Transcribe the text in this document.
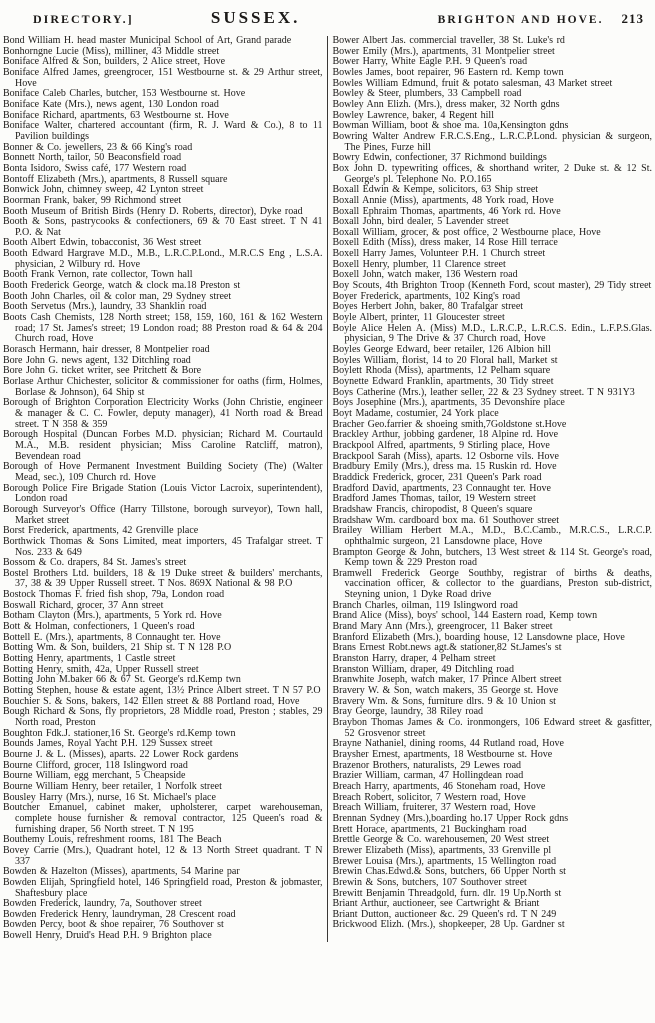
DIRECTORY.]	SUSSEX.	BRIGHTON AND HOVE. 213
Bond William H. head master Municipal School of Art, Grand parade
Bonhorngne Lucie (Miss), milliner, 43 Middle street
Boniface Alfred & Son, builders, 2 Alice street, Hove
Boniface Alfred James, greengrocer, 151 Westbourne st. & 29 Arthur street, Hove
Boniface Caleb Charles, butcher, 153 Westbourne st. Hove
Boniface Kate (Mrs.), news agent, 130 London road
Boniface Richard, apartments, 63 Westbourne st. Hove
Boniface Walter, chartered accountant (firm, R. J. Ward & Co.), 8 to 11 Pavilion buildings
Bonner & Co. jewellers, 23 & 66 King's road
Bonnett North, tailor, 50 Beaconsfield road
Bonta Isidoro, Swiss café, 177 Western road
Bontoff Elizabeth (Mrs.), apartments, 8 Russell square
Bonwick John, chimney sweep, 42 Lynton street
Boorman Frank, baker, 99 Richmond street
Booth Museum of British Birds (Henry D. Roberts, director), Dyke road
Booth & Sons, pastrycooks & confectioners, 69 & 70 East street. T N 41 P.O. & Nat
Booth Albert Edwin, tobacconist, 36 West street
Booth Edward Hargrave M.D., M.B., L.R.C.P.Lond., M.R.C.S Eng , L.S.A. physician, 2 Wilbury rd. Hove
Booth Frank Vernon, rate collector, Town hall
Booth Frederick George, watch & clock ma.18 Preston st
Booth John Charles, oil & color man, 29 Sydney street
Booth Servetus (Mrs.), laundry, 33 Shanklin road
Boots Cash Chemists, 128 North street; 158, 159, 160, 161 & 162 Western road; 17 St. James's street; 19 London road; 88 Preston road & 64 & 204 Church road, Hove
Borasch Hermann, hair dresser, 8 Montpelier road
Bore John G. news agent, 132 Ditchling road
Bore John G. ticket writer, see Pritchett & Bore
Borlase Arthur Chichester, solicitor & commissioner for oaths (firm, Holmes, Borlase & Johnson), 64 Ship st
Borough of Brighton Corporation Electricity Works (John Christie, engineer & manager & C. C. Fowler, deputy manager), 41 North road & Bread street. T N 358 & 359
Borough Hospital (Duncan Forbes M.D. physician; Richard M. Courtauld M.A., M.B. resident physician; Miss Caroline Ratcliff, matron), Bevendean road
Borough of Hove Permanent Investment Building Society (The) (Walter Mead, sec.), 109 Church rd. Hove
Borough Police Fire Brigade Station (Louis Victor Lacroix, superintendent), London road
Borough Surveyor's Office (Harry Tillstone, borough surveyor), Town hall, Market street
Borst Frederick, apartments, 42 Grenville place
Borthwick Thomas & Sons Limited, meat importers, 45 Trafalgar street. T Nos. 233 & 649
Bossom & Co. drapers, 84 St. James's street
Bostel Brothers Ltd. builders, 18 & 19 Duke street & builders' merchants, 37, 38 & 39 Upper Russell street. T Nos. 869X National & 98 P.O
Bostock Thomas F. fried fish shop, 79a, London road
Boswall Richard, grocer, 37 Ann street
Botham Clayton (Mrs.), apartments, 5 York rd. Hove
Bott & Holman, confectioners, 1 Queen's road
Bottell E. (Mrs.), apartments, 8 Connaught ter. Hove
Botting Wm. & Son, builders, 21 Ship st. T N 128 P.O
Botting Henry, apartments, 1 Castle street
Botting Henry, smith, 42a, Upper Russell street
Botting John M.baker 66 & 67 St. George's rd.Kemp twn
Botting Stephen, house & estate agent, 13½ Prince Albert street. T N 57 P.O
Bouchier S. & Sons, bakers, 142 Ellen street & 88 Portland road, Hove
Bough Richard & Sons, fly proprietors, 28 Middle road, Preston ; stables, 29 North road, Preston
Boughton Fdk.J. stationer,16 St. George's rd.Kemp town
Bounds James, Royal Yacht P.H. 129 Sussex street
Bourne J. & L. (Misses), aparts. 22 Lower Rock gardens
Bourne Clifford, grocer, 118 Islingword road
Bourne William, egg merchant, 5 Cheapside
Bourne William Henry, beer retailer, 1 Norfolk street
Bousley Harry (Mrs.), nurse, 16 St. Michael's place
Boutcher Emanuel, cabinet maker, upholsterer, carpet warehouseman, complete house furnisher & removal contractor, 125 Queen's road & furnishing draper, 56 North street. T N 195
Bouthemy Louis, refreshment rooms, 181 The Beach
Bovey Carrie (Mrs.), Quadrant hotel, 12 & 13 North Street quadrant. T N 337
Bowden & Hazelton (Misses), apartments, 54 Marine par
Bowden Elijah, Springfield hotel, 146 Springfield road, Preston & jobmaster, Shaftesbury place
Bowden Frederick, laundry, 7a, Southover street
Bowden Frederick Henry, laundryman, 28 Crescent road
Bowden Percy, boot & shoe repairer, 76 Southover st
Bowell Henry, Druid's Head P.H. 9 Brighton place
Bower Albert Jas. commercial traveller, 38 St. Luke's rd
Bower Emily (Mrs.), apartments, 31 Montpelier street
Bower Harry, White Eagle P.H. 9 Queen's road
Bowles James, boot repairer, 96 Eastern rd. Kemp town
Bowles William Edmund, fruit & potato salesman, 43 Market street
Bowley & Steer, plumbers, 33 Campbell road
Bowley Ann Elizh. (Mrs.), dress maker, 32 North gdns
Bowley Lawrence, baker, 4 Regent hill
Bowman William, boot & shoe ma. 10a,Kensington gdns
Bowring Walter Andrew F.R.C.S.Eng., L.R.C.P.Lond. physician & surgeon, The Pines, Furze hill
Bowry Edwin, confectioner, 37 Richmond buildings
Box John D. typewriting offices, & shorthand writer, 2 Duke st. & 12 St. George's pl. Telephone No. P.O.165
Boxall Edwin & Kempe, solicitors, 63 Ship street
Boxall Annie (Miss), apartments, 48 York road, Hove
Boxall Ephraim Thomas, apartments, 46 York rd. Hove
Boxall John, bird dealer, 5 Lavender street
Boxall William, grocer, & post office, 2 Westbourne place, Hove
Boxell Edith (Miss), dress maker, 14 Rose Hill terrace
Boxell Harry James, Volunteer P.H. 1 Church street
Boxell Henry, plumber, 11 Clarence street
Boxell John, watch maker, 136 Western road
Boy Scouts, 4th Brighton Troop (Kenneth Ford, scout master), 29 Tidy street
Boyer Frederick, apartments, 102 King's road
Boyes Herbert John, baker, 80 Trafalgar street
Boyle Albert, printer, 11 Gloucester street
Boyle Alice Helen A. (Miss) M.D., L.R.C.P., L.R.C.S. Edin., L.F.P.S.Glas. physician, 9 The Drive & 37 Church road, Hove
Boyles George Edward, beer retailer, 126 Albion hill
Boyles William, florist, 14 to 20 Floral hall, Market st
Boylett Rhoda (Miss), apartments, 12 Pelham square
Boynette Edward Franklin, apartments, 30 Tidy street
Boys Catherine (Mrs.), leather seller, 22 & 23 Sydney street. T N 931Y3
Boys Josephine (Mrs.), apartments, 35 Devonshire place
Boyt Madame, costumier, 24 York place
Bracher Geo.farrier & shoeing smith,7Goldstone st.Hove
Brackley Arthur, jobbing gardener, 18 Alpine rd. Hove
Brackpool Alfred, apartments, 9 Stirling place, Hove
Brackpool Sarah (Miss), aparts. 12 Osborne vils. Hove
Bradbury Emily (Mrs.), dress ma. 15 Ruskin rd. Hove
Braddick Frederick, grocer, 231 Queen's Park road
Bradford David, apartments, 23 Connaught ter. Hove
Bradford James Thomas, tailor, 19 Western street
Bradshaw Francis, chiropodist, 8 Queen's square
Bradshaw Wm. cardboard box ma. 61 Southover street
Brailey William Herbert M.A., M.D., B.C.Camb., M.R.C.S., L.R.C.P. ophthalmic surgeon, 21 Lansdowne place, Hove
Brampton George & John, butchers, 13 West street & 114 St. George's road, Kemp town & 229 Preston road
Bramwell Frederick George Southby, registrar of births & deaths, vaccination officer, & collector to the guardians, Preston sub-district, Steyning union, 1 Dyke Road drive
Branch Charles, oilman, 119 Islingword road
Brand Alice (Miss), boys' school, 144 Eastern road, Kemp town
Brand Mary Ann (Mrs.), greengrocer, 11 Baker street
Branford Elizabeth (Mrs.), boarding house, 12 Lansdowne place, Hove
Brans Ernest Robt.news agt.& stationer,82 St.James's st
Branston Harry, draper, 4 Pelham street
Branston William, draper, 49 Ditchling road
Branwhite Joseph, watch maker, 17 Prince Albert street
Bravery W. & Son, watch makers, 35 George st. Hove
Bravery Wm. & Sons, furniture dlrs. 9 & 10 Union st
Bray George, laundry, 38 Riley road
Braybon Thomas James & Co. ironmongers, 106 Edward street & gasfitter, 52 Grosvenor street
Brayne Nathaniel, dining rooms, 44 Rutland road, Hove
Braysher Ernest, apartments, 18 Westbourne st. Hove
Brazenor Brothers, naturalists, 29 Lewes road
Brazier William, carman, 47 Hollingdean road
Breach Harry, apartments, 46 Stoneham road, Hove
Breach Robert, solicitor, 7 Western road, Hove
Breach William, fruiterer, 37 Western road, Hove
Brennan Sydney (Mrs.),boarding ho.17 Upper Rock gdns
Brett Horace, apartments, 21 Buckingham road
Brettle George & Co. warehousemen, 20 West street
Brewer Elizabeth (Miss), apartments, 33 Grenville pl
Brewer Louisa (Mrs.), apartments, 15 Wellington road
Brewin Chas.Edwd.& Sons, butchers, 66 Upper North st
Brewin & Sons, butchers, 107 Southover street
Brewitt Benjamin Threadgold, furn. dlr. 19 Up.North st
Briant Arthur, auctioneer, see Cartwright & Briant
Briant Dutton, auctioneer &c. 29 Queen's rd. T N 249
Brickwood Elizh. (Mrs.), shopkeeper, 28 Up. Gardner st
